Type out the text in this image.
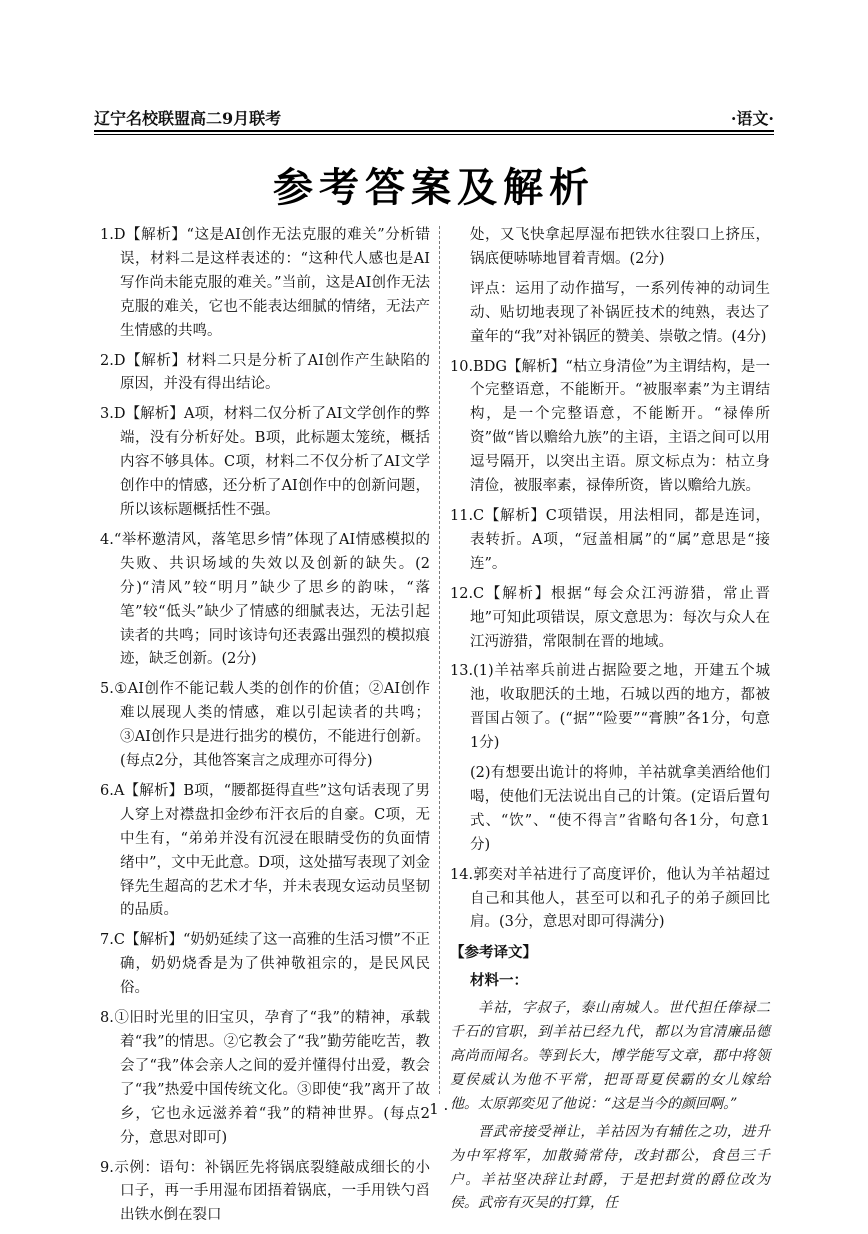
辽宁名校联盟高二9月联考	·语文·
参考答案及解析

1.D【解析】“这是AI创作无法克服的难关”分析错误，材料二是这样表述的：“这种代人感也是AI写作尚未能克服的难关。”当前，这是AI创作无法克服的难关，它也不能表达细腻的情绪，无法产生情感的共鸣。

2.D【解析】材料二只是分析了AI创作产生缺陷的原因，并没有得出结论。

3.D【解析】A项，材料二仅分析了AI文学创作的弊端，没有分析好处。B项，此标题太笼统，概括内容不够具体。C项，材料二不仅分析了AI文学创作中的情感，还分析了AI创作中的创新问题，所以该标题概括性不强。

4.“举杯邀清风，落笔思乡情”体现了AI情感模拟的失败、共识场域的失效以及创新的缺失。(2分)“清风”较“明月”缺少了思乡的韵味，“落笔”较“低头”缺少了情感的细腻表达，无法引起读者的共鸣；同时该诗句还表露出强烈的模拟痕迹，缺乏创新。(2分)

5.①AI创作不能记载人类的创作的价值；②AI创作难以展现人类的情感，难以引起读者的共鸣；③AI创作只是进行拙劣的模仿，不能进行创新。(每点2分，其他答案言之成理亦可得分)

6.A【解析】B项，“腰都挺得直些”这句话表现了男人穿上对襟盘扣金纱布汗衣后的自豪。C项，无中生有，“弟弟并没有沉浸在眼睛受伤的负面情绪中”，文中无此意。D项，这处描写表现了刘金铎先生超高的艺术才华，并未表现女运动员坚韧的品质。

7.C【解析】“奶奶延续了这一高雅的生活习惯”不正确，奶奶烧香是为了供神敬祖宗的，是民风民俗。

8.①旧时光里的旧宝贝，孕育了“我”的精神，承载着“我”的情思。②它教会了“我”勤劳能吃苦，教会了“我”体会亲人之间的爱并懂得付出爱，教会了“我”热爱中国传统文化。③即使“我”离开了故乡，它也永远滋养着“我”的精神世界。(每点2分，意思对即可)

9.示例：语句：补锅匠先将锅底裂缝敲成细长的小口子，再一手用湿布团捂着锅底，一手用铁勺舀出铁水倒在裂口

处，又飞快拿起厚湿布把铁水往裂口上挤压，锅底便哧哧地冒着青烟。(2分)

评点：运用了动作描写，一系列传神的动词生动、贴切地表现了补锅匠技术的纯熟，表达了童年的“我”对补锅匠的赞美、崇敬之情。(4分)

10.BDG【解析】“枯立身清俭”为主谓结构，是一个完整语意，不能断开。“被服率素”为主谓结构，是一个完整语意，不能断开。“禄俸所资”做“皆以赡给九族”的主语，主语之间可以用逗号隔开，以突出主语。原文标点为：枯立身清俭，被服率素，禄俸所资，皆以赡给九族。

11.C【解析】C项错误，用法相同，都是连词，表转折。A项，“冠盖相属”的“属”意思是“接连”。

12.C【解析】根据“每会众江沔游猎，常止晋地”可知此项错误，原文意思为：每次与众人在江沔游猎，常限制在晋的地域。

13.(1)羊祜率兵前进占据险要之地，开建五个城池，收取肥沃的土地，石城以西的地方，都被晋国占领了。(“据”“险要”“膏腴”各1分，句意1分)

(2)有想要出诡计的将帅，羊祜就拿美酒给他们喝，使他们无法说出自己的计策。(定语后置句式、“饮”、“使不得言”省略句各1分，句意1分)

14.郭奕对羊祜进行了高度评价，他认为羊祜超过自己和其他人，甚至可以和孔子的弟子颜回比肩。(3分，意思对即可得满分)

【参考译文】

材料一：

羊祜，字叔子，泰山南城人。世代担任俸禄二千石的官职，到羊祜已经九代，都以为官清廉品德高尚而闻名。等到长大，博学能写文章，郡中将领夏侯威认为他不平常，把哥哥夏侯霸的女儿嫁给他。太原郭奕见了他说：“这是当今的颜回啊。”

晋武帝接受禅让，羊祜因为有辅佐之功，进升为中军将军，加散骑常侍，改封郡公，食邑三千户。羊祜坚决辞让封爵，于是把封赏的爵位改为侯。武帝有灭吴的打算，任

· 1 ·
